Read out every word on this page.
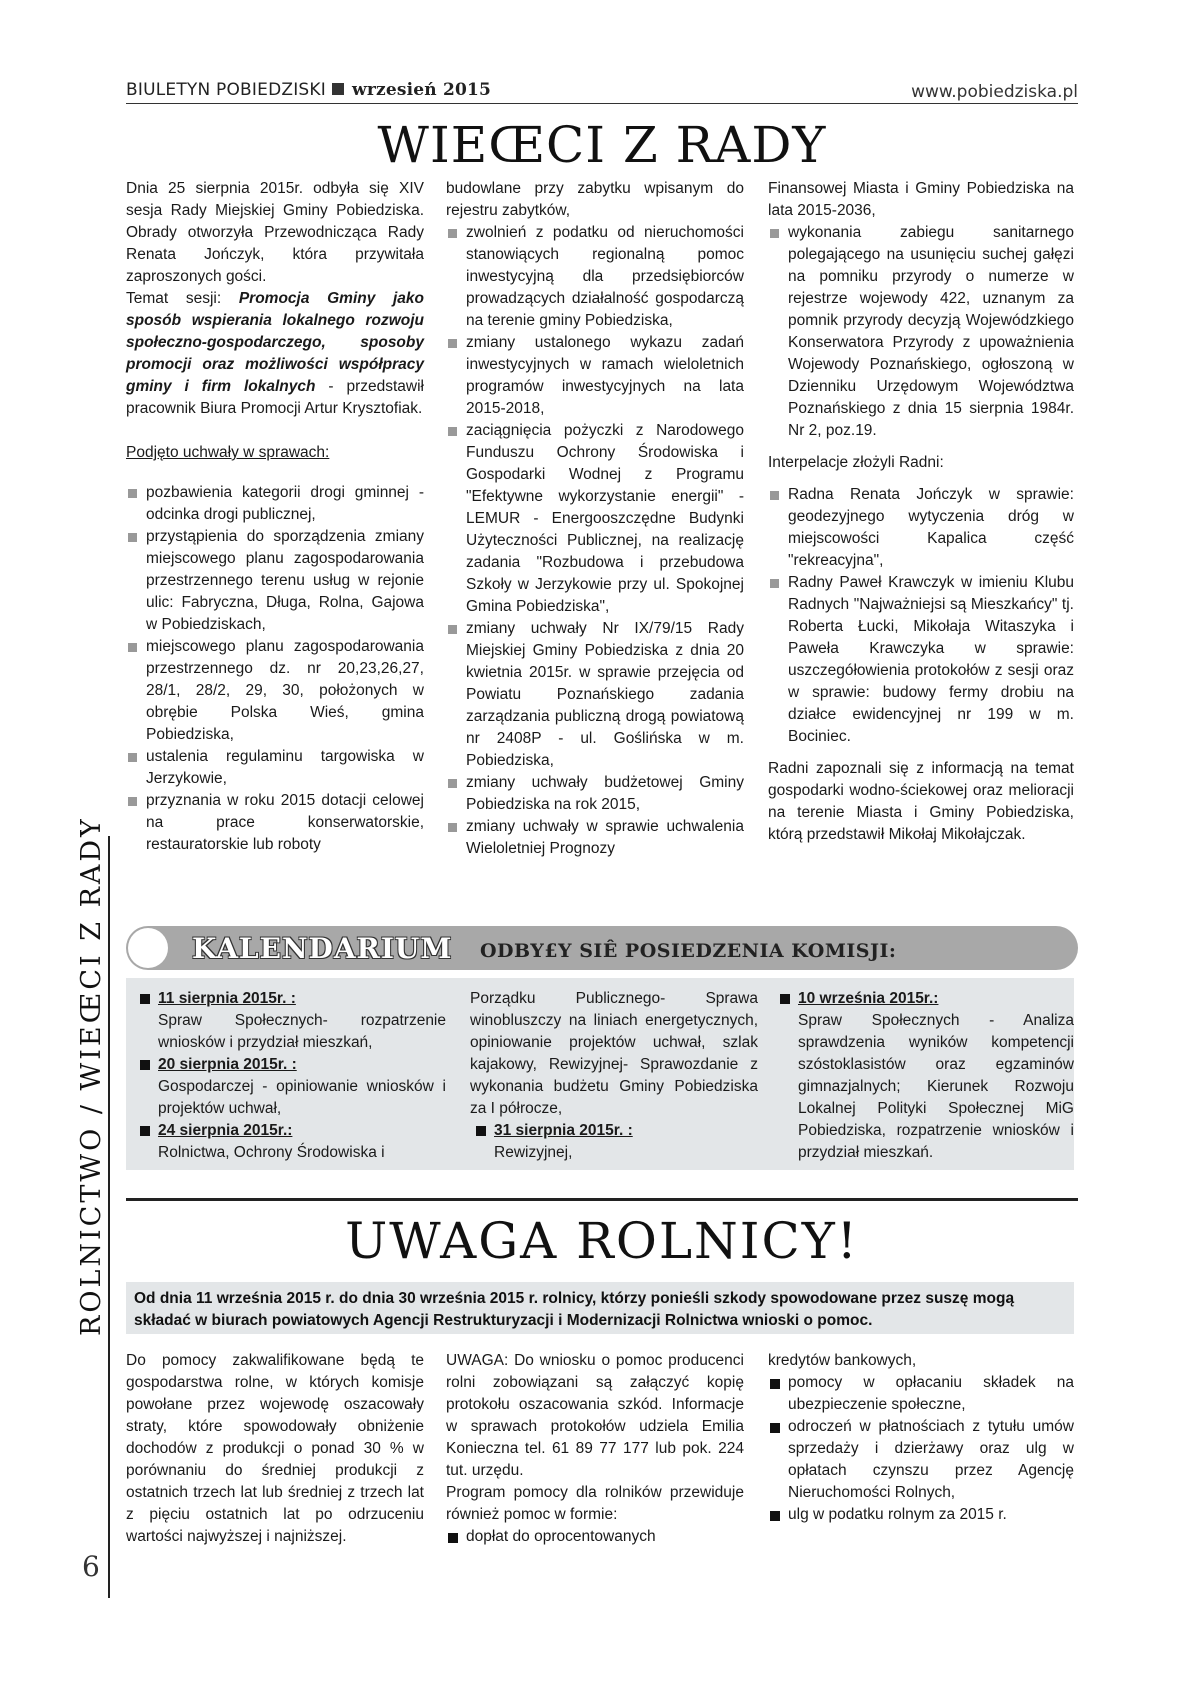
BIULETYN POBIEDZISKI wrzesień 2015	www.pobiedziska.pl
WIEŒCI Z RADY

Dnia 25 sierpnia 2015r. odbyła się XIV sesja Rady Miejskiej Gminy Pobiedziska. Obrady otworzyła Przewodnicząca Rady Renata Jończyk, która przywitała zaproszonych gości.

Temat sesji: Promocja Gminy jako sposób wspierania lokalnego rozwoju społeczno-gospodarczego, sposoby promocji oraz możliwości współpracy gminy i firm lokalnych - przedstawił pracownik Biura Promocji Artur Krysztofiak.

Podjęto uchwały w sprawach:

pozbawienia kategorii drogi gminnej - odcinka drogi publicznej,
przystąpienia do sporządzenia zmiany miejscowego planu zagospodarowania przestrzennego terenu usług w rejonie ulic: Fabryczna, Długa, Rolna, Gajowa w Pobiedziskach,
miejscowego planu zagospodarowania przestrzennego dz. nr 20,23,26,27, 28/1, 28/2, 29, 30, położonych w obrębie Polska Wieś, gmina Pobiedziska,
ustalenia regulaminu targowiska w Jerzykowie,
przyznania w roku 2015 dotacji celowej na prace konserwatorskie, restauratorskie lub roboty

budowlane przy zabytku wpisanym do rejestru zabytków,

zwolnień z podatku od nieruchomości stanowiących regionalną pomoc inwestycyjną dla przedsiębiorców prowadzących działalność gospodarczą na terenie gminy Pobiedziska,
zmiany ustalonego wykazu zadań inwestycyjnych w ramach wieloletnich programów inwestycyjnych na lata 2015-2018,
zaciągnięcia pożyczki z Narodowego Funduszu Ochrony Środowiska i Gospodarki Wodnej z Programu "Efektywne wykorzystanie energii" - LEMUR - Energooszczędne Budynki Użyteczności Publicznej, na realizację zadania "Rozbudowa i przebudowa Szkoły w Jerzykowie przy ul. Spokojnej Gmina Pobiedziska",
zmiany uchwały Nr IX/79/15 Rady Miejskiej Gminy Pobiedziska z dnia 20 kwietnia 2015r. w sprawie przejęcia od Powiatu Poznańskiego zadania zarządzania publiczną drogą powiatową nr 2408P - ul. Goślińska w m. Pobiedziska,
zmiany uchwały budżetowej Gminy Pobiedziska na rok 2015,
zmiany uchwały w sprawie uchwalenia Wieloletniej Prognozy

Finansowej Miasta i Gminy Pobiedziska na lata 2015-2036,

wykonania zabiegu sanitarnego polegającego na usunięciu suchej gałęzi na pomniku przyrody o numerze w rejestrze wojewody 422, uznanym za pomnik przyrody decyzją Wojewódzkiego Konserwatora Przyrody z upoważnienia Wojewody Poznańskiego, ogłoszoną w Dzienniku Urzędowym Województwa Poznańskiego z dnia 15 sierpnia 1984r. Nr 2, poz.19.

Interpelacje złożyli Radni:

Radna Renata Jończyk w sprawie: geodezyjnego wytyczenia dróg w miejscowości Kapalica część "rekreacyjna",
Radny Paweł Krawczyk w imieniu Klubu Radnych "Najważniejsi są Mieszkańcy" tj. Roberta Łucki, Mikołaja Witaszyka i Pawełа Krawczyka w sprawie: uszczegółowienia protokołów z sesji oraz w sprawie: budowy fermy drobiu na działce ewidencyjnej nr 199 w m. Bociniec.

Radni zapoznali się z informacją na temat gospodarki wodno-ściekowej oraz melioracji na terenie Miasta i Gminy Pobiedziska, którą przedstawił Mikołaj Mikołajczak.

ROLNICTWO / WIEŒCI Z RADY
6
KALENDARIUM ODBY£Y SIÊ POSIEDZENIA KOMISJI:

11 sierpnia 2015r. :

Spraw Społecznych- rozpatrzenie wniosków i przydział mieszkań,

20 sierpnia 2015r. :

Gospodarczej - opiniowanie wniosków i projektów uchwał,

24 sierpnia 2015r.:

Rolnictwa, Ochrony Środowiska i

Porządku Publicznego- Sprawa winobluszczy na liniach energetycznych, opiniowanie projektów uchwał, szlak kajakowy, Rewizyjnej- Sprawozdanie z wykonania budżetu Gminy Pobiedziska za I półrocze,

31 sierpnia 2015r. :

Rewizyjnej,

10 września 2015r.:

Spraw Społecznych - Analiza sprawdzenia wyników kompetencji szóstoklasistów oraz egzaminów gimnazjalnych; Kierunek Rozwoju Lokalnej Polityki Społecznej MiG Pobiedziska, rozpatrzenie wniosków i przydział mieszkań.

UWAGA ROLNICY!
Od dnia 11 września 2015 r. do dnia 30 września 2015 r. rolnicy, którzy ponieśli szkody spowodowane przez suszę mogą składać w biurach powiatowych Agencji Restrukturyzacji i Modernizacji Rolnictwa wnioski o pomoc.

Do pomocy zakwalifikowane będą te gospodarstwa rolne, w których komisje powołane przez wojewodę oszacowały straty, które spowodowały obniżenie dochodów z produkcji o ponad 30 % w porównaniu do średniej produkcji z ostatnich trzech lat lub średniej z trzech lat z pięciu ostatnich lat po odrzuceniu wartości najwyższej i najniższej.

UWAGA: Do wniosku o pomoc producenci rolni zobowiązani są załączyć kopię protokołu oszacowania szkód. Informacje w sprawach protokołów udziela Emilia Konieczna tel. 61 89 77 177 lub pok. 224 tut. urzędu.

Program pomocy dla rolników przewiduje również pomoc w formie:

dopłat do oprocentowanych

kredytów bankowych,

pomocy w opłacaniu składek na ubezpieczenie społeczne,
odroczeń w płatnościach z tytułu umów sprzedaży i dzierżawy oraz ulg w opłatach czynszu przez Agencję Nieruchomości Rolnych,
ulg w podatku rolnym za 2015 r.
